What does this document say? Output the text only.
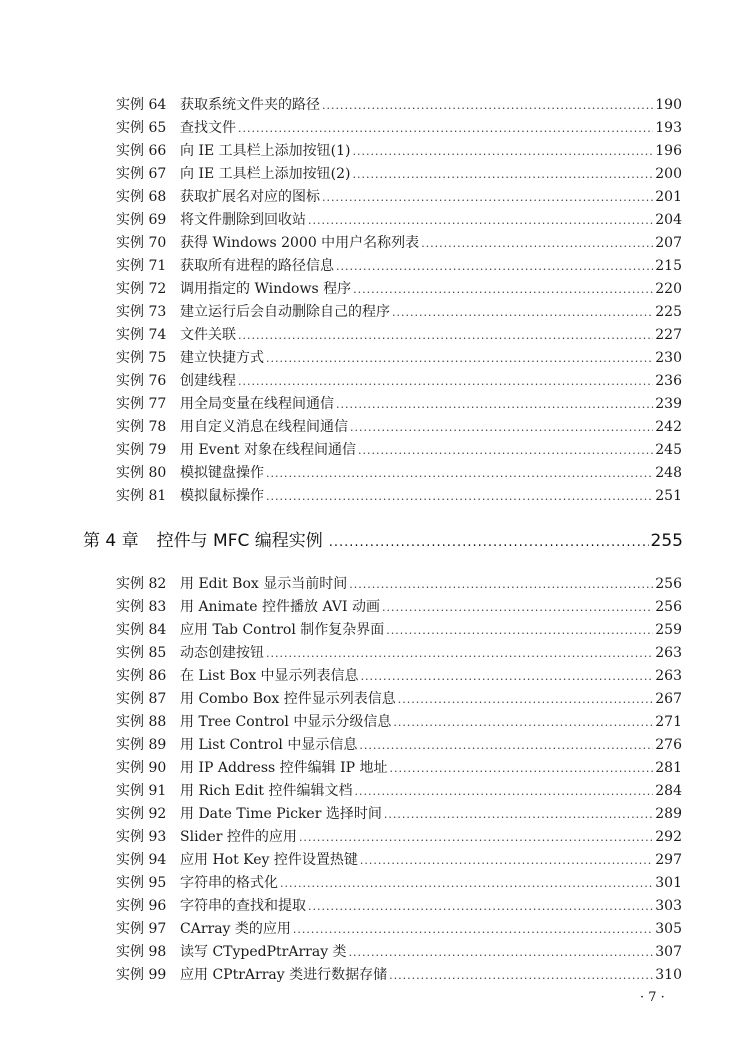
实例 64 获取系统文件夹的路径 .....	190
实例 65 查找文件 .....	193
实例 66 向 IE 工具栏上添加按钮(1) .....	196
实例 67 向 IE 工具栏上添加按钮(2) .....	200
实例 68 获取扩展名对应的图标 .....	201
实例 69 将文件删除到回收站 .....	204
实例 70 获得 Windows 2000 中用户名称列表 .....	207
实例 71 获取所有进程的路径信息 .....	215
实例 72 调用指定的 Windows 程序 .....	220
实例 73 建立运行后会自动删除自己的程序 .....	225
实例 74 文件关联 .....	227
实例 75 建立快捷方式 .....	230
实例 76 创建线程 .....	236
实例 77 用全局变量在线程间通信 .....	239
实例 78 用自定义消息在线程间通信 .....	242
实例 79 用 Event 对象在线程间通信 .....	245
实例 80 模拟键盘操作 .....	248
实例 81 模拟鼠标操作 .....	251
第 4 章 控件与 MFC 编程实例 .....	255
实例 82 用 Edit Box 显示当前时间 .....	256
实例 83 用 Animate 控件播放 AVI 动画 .....	256
实例 84 应用 Tab Control 制作复杂界面 .....	259
实例 85 动态创建按钮 .....	263
实例 86 在 List Box 中显示列表信息 .....	263
实例 87 用 Combo Box 控件显示列表信息 .....	267
实例 88 用 Tree Control 中显示分级信息 .....	271
实例 89 用 List Control 中显示信息 .....	276
实例 90 用 IP Address 控件编辑 IP 地址 .....	281
实例 91 用 Rich Edit 控件编辑文档 .....	284
实例 92 用 Date Time Picker 选择时间 .....	289
实例 93 Slider 控件的应用 .....	292
实例 94 应用 Hot Key 控件设置热键 .....	297
实例 95 字符串的格式化 .....	301
实例 96 字符串的查找和提取 .....	303
实例 97 CArray 类的应用 .....	305
实例 98 读写 CTypedPtrArray 类 .....	307
实例 99 应用 CPtrArray 类进行数据存储 .....	310
· 7 ·
